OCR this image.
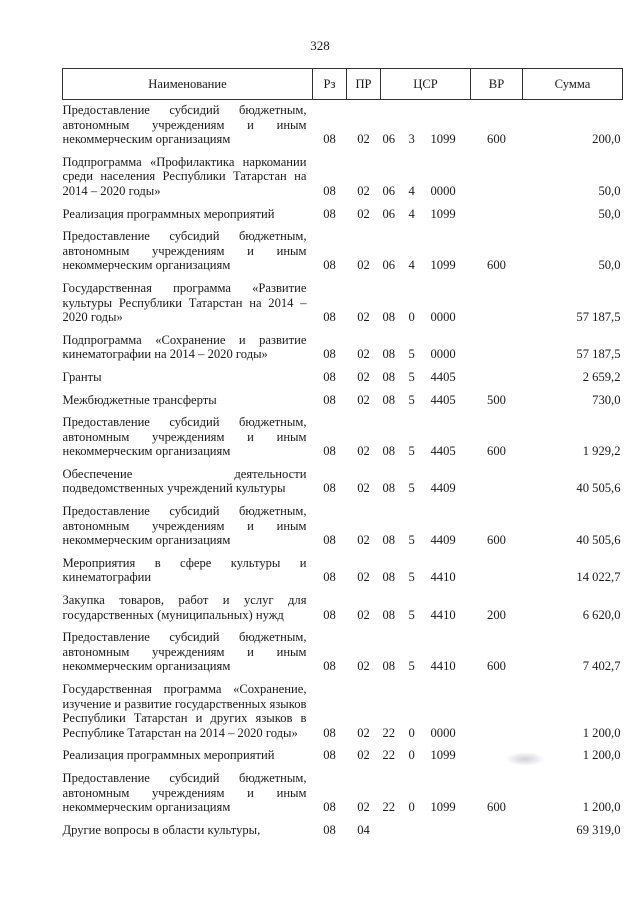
328
Наименование	Рз	ПР	ЦСР			ВР	Сумма
Предоставление субсидий бюджетным, автономным учреждениям и иным некоммерческим организациям	08	02	06	3	1099	600	200,0
Подпрограмма «Профилактика наркомании среди населения Республики Татарстан на 2014 – 2020 годы»	08	02	06	4	0000		50,0
Реализация программных мероприятий	08	02	06	4	1099		50,0
Предоставление субсидий бюджетным, автономным учреждениям и иным некоммерческим организациям	08	02	06	4	1099	600	50,0
Государственная программа «Развитие культуры Республики Татарстан на 2014 – 2020 годы»	08	02	08	0	0000		57 187,5
Подпрограмма «Сохранение и развитие кинематографии на 2014 – 2020 годы»	08	02	08	5	0000		57 187,5
Гранты	08	02	08	5	4405		2 659,2
Межбюджетные трансферты	08	02	08	5	4405	500	730,0
Предоставление субсидий бюджетным, автономным учреждениям и иным некоммерческим организациям	08	02	08	5	4405	600	1 929,2
Обеспечение деятельности подведомственных учреждений культуры	08	02	08	5	4409		40 505,6
Предоставление субсидий бюджетным, автономным учреждениям и иным некоммерческим организациям	08	02	08	5	4409	600	40 505,6
Мероприятия в сфере культуры и кинематографии	08	02	08	5	4410		14 022,7
Закупка товаров, работ и услуг для государственных (муниципальных) нужд	08	02	08	5	4410	200	6 620,0
Предоставление субсидий бюджетным, автономным учреждениям и иным некоммерческим организациям	08	02	08	5	4410	600	7 402,7
Государственная программа «Сохранение, изучение и развитие государственных языков Республики Татарстан и других языков в Республике Татарстан на 2014 – 2020 годы»	08	02	22	0	0000		1 200,0
Реализация программных мероприятий	08	02	22	0	1099		1 200,0
Предоставление субсидий бюджетным, автономным учреждениям и иным некоммерческим организациям	08	02	22	0	1099	600	1 200,0
Другие вопросы в области культуры,	08	04					69 319,0
